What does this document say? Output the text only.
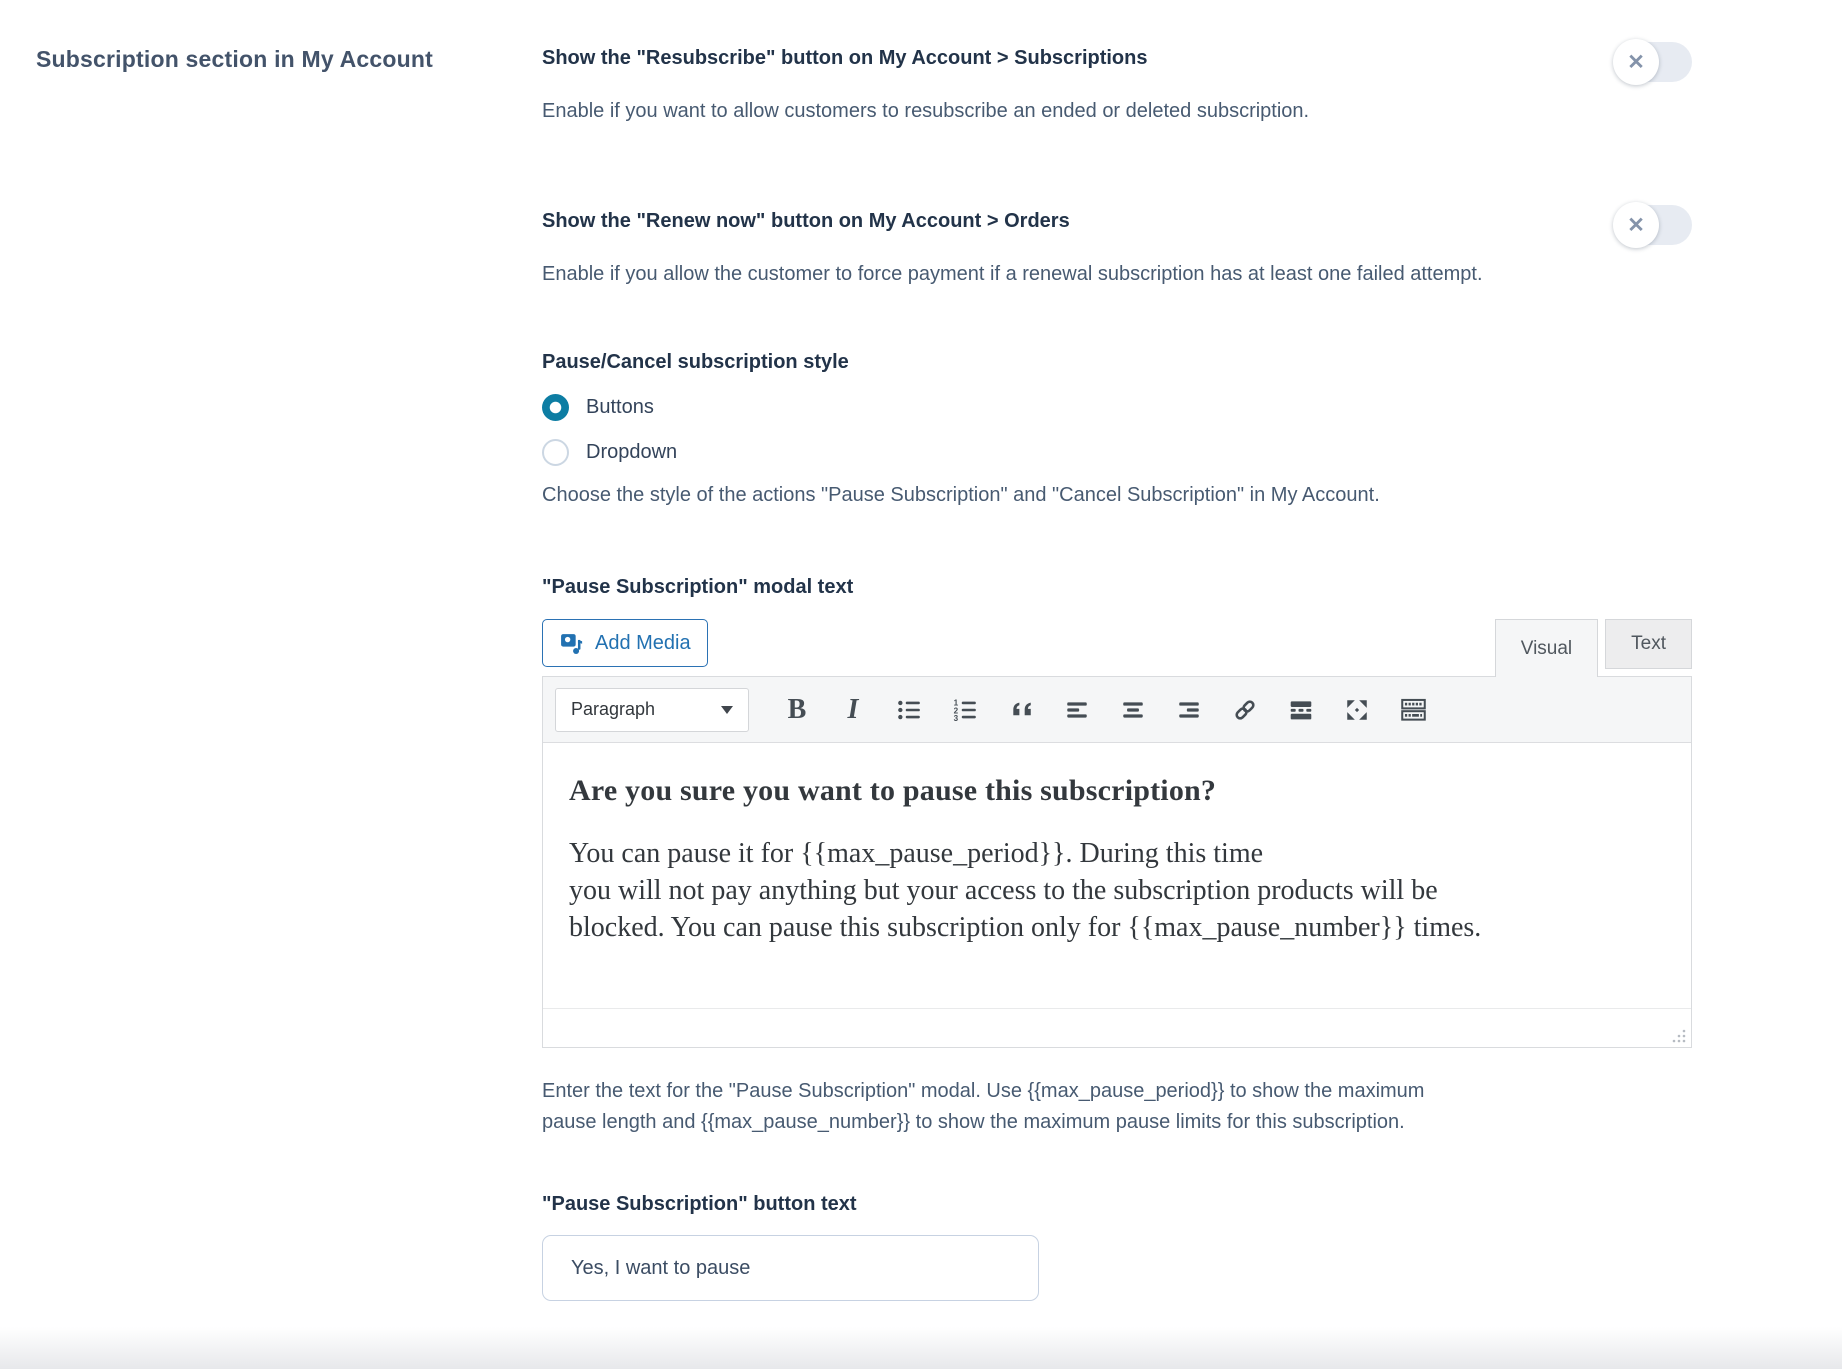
Subscription section in My Account	Show the "Resubscribe" button on My Account > Subscriptions	✕
Enable if you want to allow customers to resubscribe an ended or deleted subscription.
Show the "Renew now" button on My Account > Orders	✕
Enable if you allow the customer to force payment if a renewal subscription has at least one failed attempt.
Pause/Cancel subscription style
Buttons
Dropdown
Choose the style of the actions "Pause Subscription" and "Cancel Subscription" in My Account.
"Pause Subscription" modal text
Add Media	Visual	Text
Paragraph	B I	1
2
3
Are you sure you want to pause this subscription?
You can pause it for {{max_pause_period}}. During this time
you will not pay anything but your access to the subscription products will be
blocked. You can pause this subscription only for {{max_pause_number}} times.
Enter the text for the "Pause Subscription" modal. Use {{max_pause_period}} to show the maximum pause length and {{max_pause_number}} to show the maximum pause limits for this subscription.
"Pause Subscription" button text
Yes, I want to pause
